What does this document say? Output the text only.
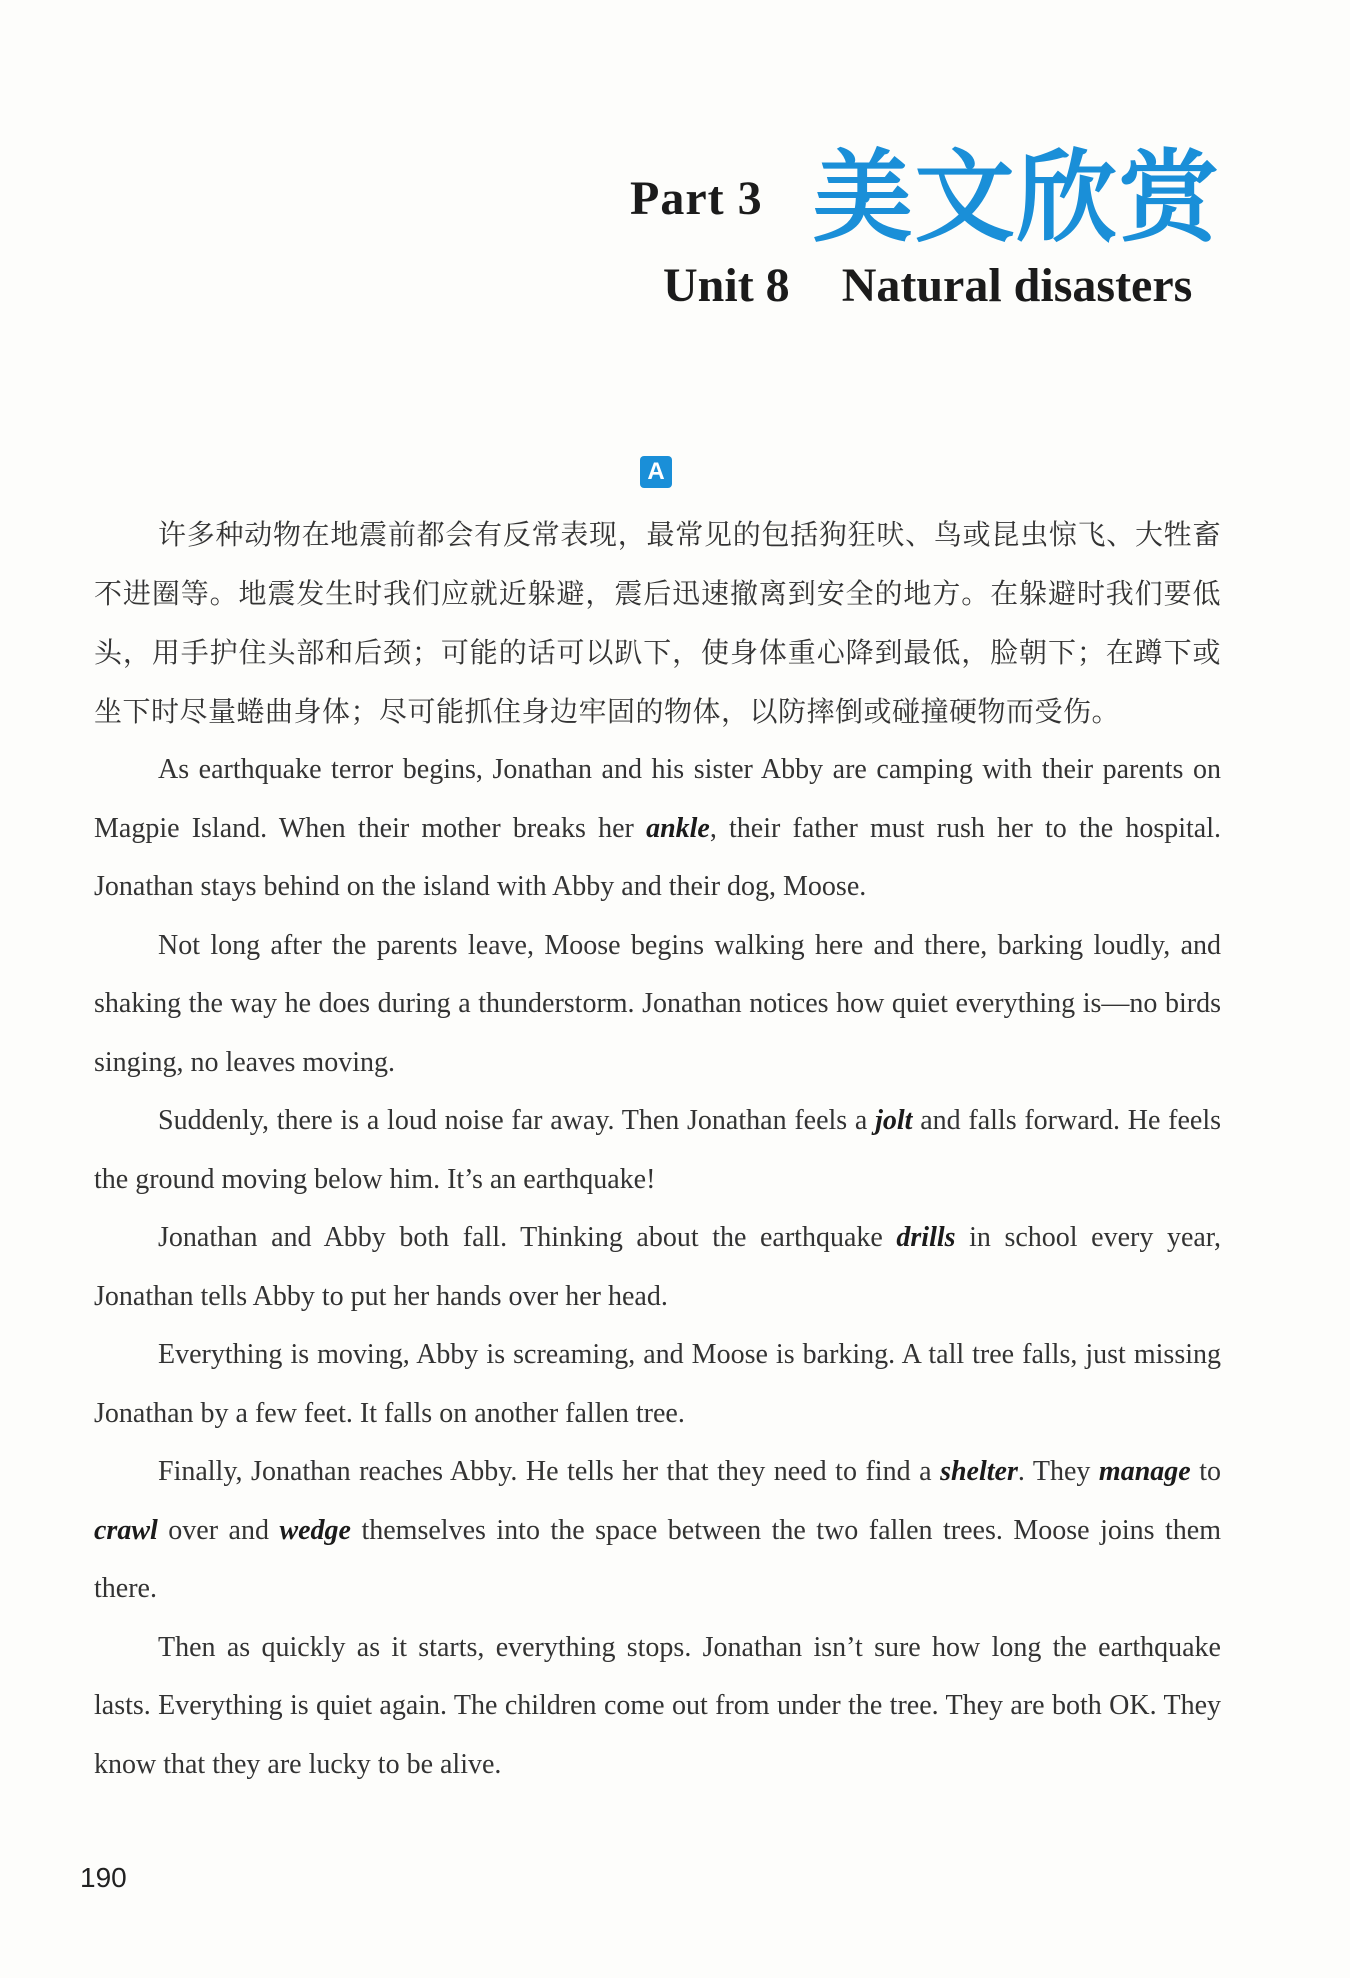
Part 3 美文欣赏
Unit 8 Natural disasters
A

许多种动物在地震前都会有反常表现，最常见的包括狗狂吠、鸟或昆虫惊飞、大牲畜不进圈等。地震发生时我们应就近躲避，震后迅速撤离到安全的地方。在躲避时我们要低头，用手护住头部和后颈；可能的话可以趴下，使身体重心降到最低，脸朝下；在蹲下或坐下时尽量蜷曲身体；尽可能抓住身边牢固的物体，以防摔倒或碰撞硬物而受伤。

As earthquake terror begins, Jonathan and his sister Abby are camping with their parents on Magpie Island. When their mother breaks her ankle, their father must rush her to the hospital. Jonathan stays behind on the island with Abby and their dog, Moose.

Not long after the parents leave, Moose begins walking here and there, barking loudly, and shaking the way he does during a thunderstorm. Jonathan notices how quiet everything is—no birds singing, no leaves moving.

Suddenly, there is a loud noise far away. Then Jonathan feels a jolt and falls forward. He feels the ground moving below him. It’s an earthquake!

Jonathan and Abby both fall. Thinking about the earthquake drills in school every year, Jonathan tells Abby to put her hands over her head.

Everything is moving, Abby is screaming, and Moose is barking. A tall tree falls, just missing Jonathan by a few feet. It falls on another fallen tree.

Finally, Jonathan reaches Abby. He tells her that they need to find a shelter. They manage to crawl over and wedge themselves into the space between the two fallen trees. Moose joins them there.

Then as quickly as it starts, everything stops. Jonathan isn’t sure how long the earthquake lasts. Everything is quiet again. The children come out from under the tree. They are both OK. They know that they are lucky to be alive.

190
